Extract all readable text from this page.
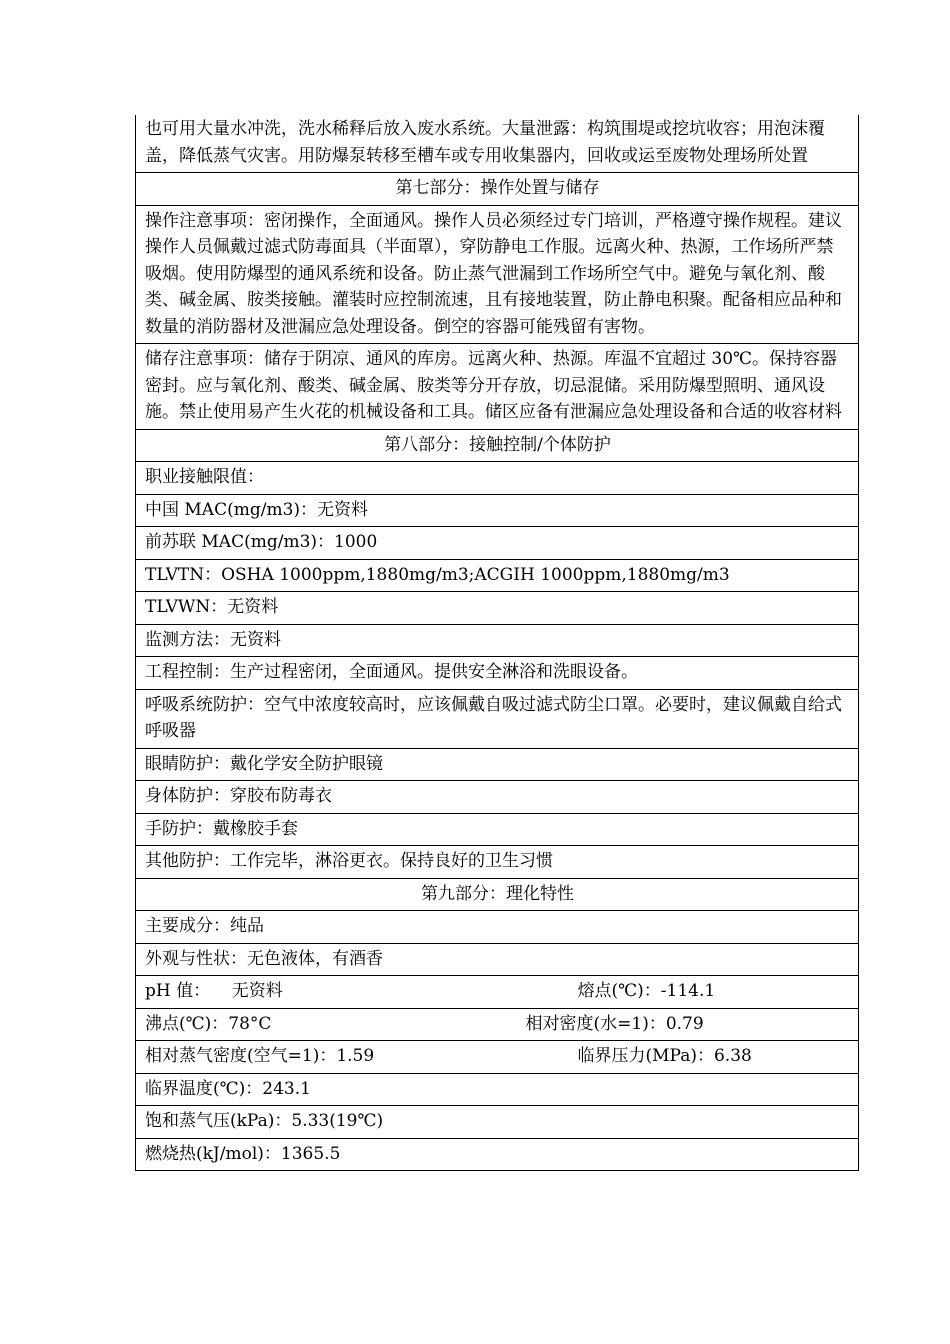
也可用大量水冲洗，洗水稀释后放入废水系统。大量泄露：构筑围堤或挖坑收容；用泡沫覆盖，降低蒸气灾害。用防爆泵转移至槽车或专用收集器内，回收或运至废物处理场所处置
第七部分：操作处置与储存
操作注意事项：密闭操作，全面通风。操作人员必须经过专门培训，严格遵守操作规程。建议操作人员佩戴过滤式防毒面具（半面罩），穿防静电工作服。远离火种、热源，工作场所严禁吸烟。使用防爆型的通风系统和设备。防止蒸气泄漏到工作场所空气中。避免与氧化剂、酸类、碱金属、胺类接触。灌装时应控制流速，且有接地装置，防止静电积聚。配备相应品种和数量的消防器材及泄漏应急处理设备。倒空的容器可能残留有害物。
储存注意事项：储存于阴凉、通风的库房。远离火种、热源。库温不宜超过 30℃。保持容器密封。应与氧化剂、酸类、碱金属、胺类等分开存放，切忌混储。采用防爆型照明、通风设施。禁止使用易产生火花的机械设备和工具。储区应备有泄漏应急处理设备和合适的收容材料
第八部分：接触控制/个体防护
职业接触限值：
中国 MAC(mg/m3)：无资料
前苏联 MAC(mg/m3)：1000
TLVTN：OSHA 1000ppm,1880mg/m3;ACGIH 1000ppm,1880mg/m3
TLVWN：无资料
监测方法：无资料
工程控制：生产过程密闭，全面通风。提供安全淋浴和洗眼设备。
呼吸系统防护：空气中浓度较高时，应该佩戴自吸过滤式防尘口罩。必要时，建议佩戴自给式呼吸器
眼睛防护：戴化学安全防护眼镜
身体防护：穿胶布防毒衣
手防护：戴橡胶手套
其他防护：工作完毕，淋浴更衣。保持良好的卫生习惯
第九部分：理化特性
主要成分：纯品
外观与性状：无色液体，有酒香
pH 值：    无资料	熔点(℃)：-114.1
沸点(℃)：78°C	相对密度(水=1)：0.79
相对蒸气密度(空气=1)：1.59	临界压力(MPa)：6.38
临界温度(℃)：243.1
饱和蒸气压(kPa)：5.33(19℃)
燃烧热(kJ/mol)：1365.5
